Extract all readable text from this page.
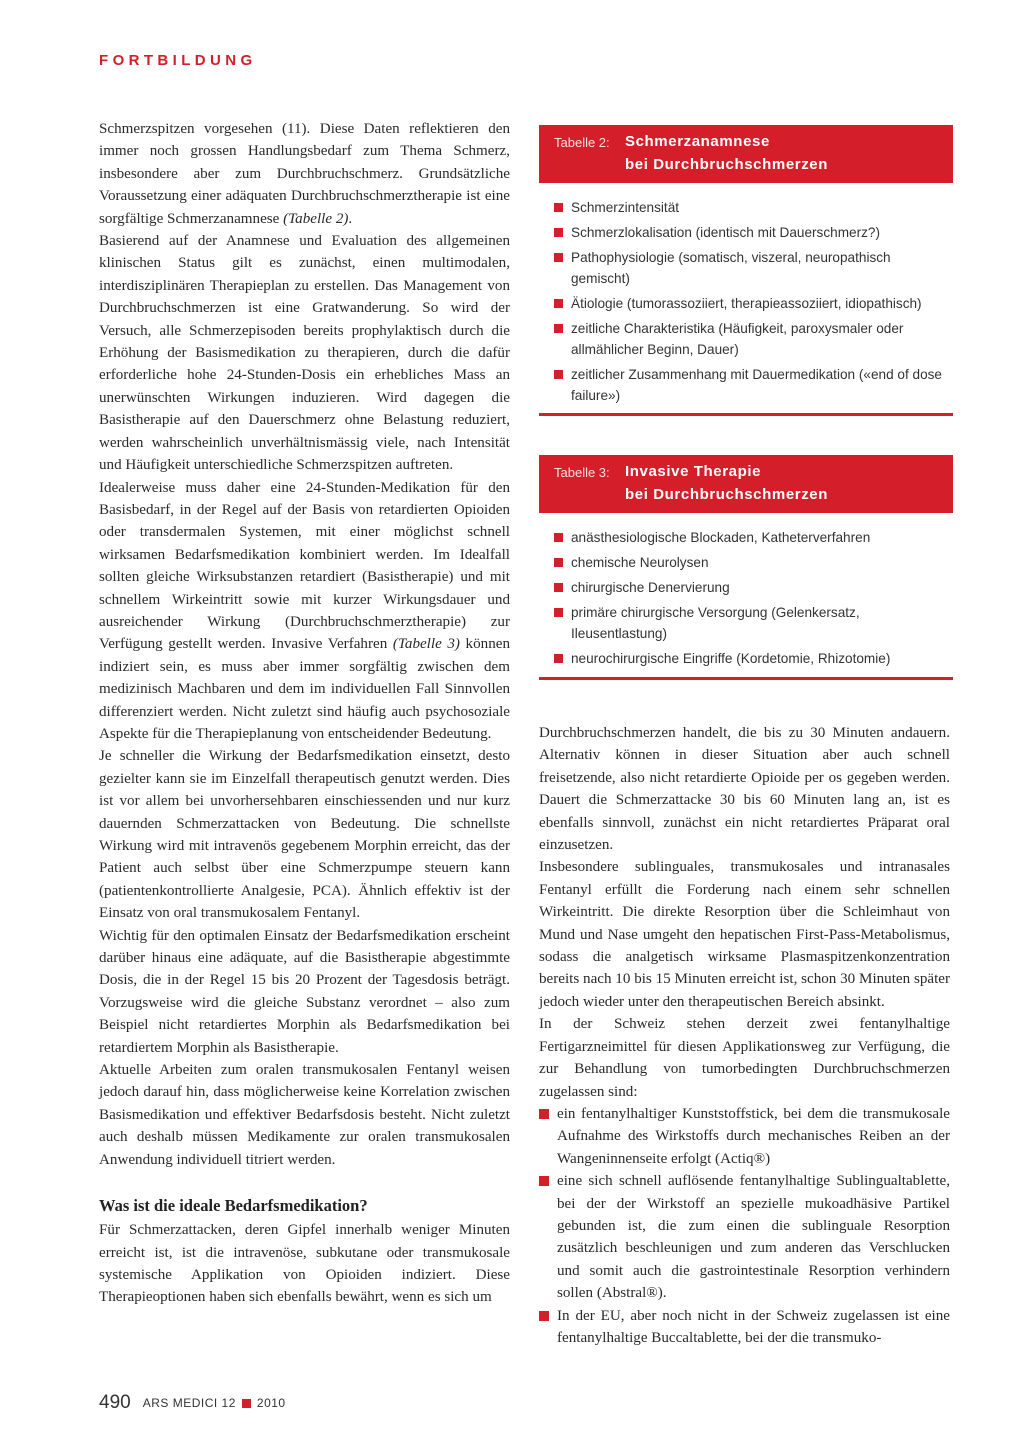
FORTBILDUNG

Schmerzspitzen vorgesehen (11). Diese Daten reflektieren den immer noch grossen Handlungsbedarf zum Thema Schmerz, insbesondere aber zum Durchbruchschmerz. Grundsätzliche Voraussetzung einer adäquaten Durchbruchschmerztherapie ist eine sorgfältige Schmerzanamnese (Tabelle 2).

Basierend auf der Anamnese und Evaluation des allgemeinen klinischen Status gilt es zunächst, einen multimodalen, interdisziplinären Therapieplan zu erstellen. Das Management von Durchbruchschmerzen ist eine Gratwanderung. So wird der Versuch, alle Schmerzepisoden bereits prophylaktisch durch die Erhöhung der Basismedikation zu therapieren, durch die dafür erforderliche hohe 24-Stunden-Dosis ein erhebliches Mass an unerwünschten Wirkungen induzieren. Wird dagegen die Basistherapie auf den Dauerschmerz ohne Belastung reduziert, werden wahrscheinlich unverhältnismässig viele, nach Intensität und Häufigkeit unterschiedliche Schmerzspitzen auftreten.

Idealerweise muss daher eine 24-Stunden-Medikation für den Basisbedarf, in der Regel auf der Basis von retardierten Opioiden oder transdermalen Systemen, mit einer möglichst schnell wirksamen Bedarfsmedikation kombiniert werden. Im Idealfall sollten gleiche Wirksubstanzen retardiert (Basistherapie) und mit schnellem Wirkeintritt sowie mit kurzer Wirkungsdauer und ausreichender Wirkung (Durchbruchschmerztherapie) zur Verfügung gestellt werden. Invasive Verfahren (Tabelle 3) können indiziert sein, es muss aber immer sorgfältig zwischen dem medizinisch Machbaren und dem im individuellen Fall Sinnvollen differenziert werden. Nicht zuletzt sind häufig auch psychosoziale Aspekte für die Therapieplanung von entscheidender Bedeutung.

Je schneller die Wirkung der Bedarfsmedikation einsetzt, desto gezielter kann sie im Einzelfall therapeutisch genutzt werden. Dies ist vor allem bei unvorhersehbaren einschiessenden und nur kurz dauernden Schmerzattacken von Bedeutung. Die schnellste Wirkung wird mit intravenös gegebenem Morphin erreicht, das der Patient auch selbst über eine Schmerzpumpe steuern kann (patientenkontrollierte Analgesie, PCA). Ähnlich effektiv ist der Einsatz von oral transmukosalem Fentanyl.

Wichtig für den optimalen Einsatz der Bedarfsmedikation erscheint darüber hinaus eine adäquate, auf die Basistherapie abgestimmte Dosis, die in der Regel 15 bis 20 Prozent der Tagesdosis beträgt. Vorzugsweise wird die gleiche Substanz verordnet – also zum Beispiel nicht retardiertes Morphin als Bedarfsmedikation bei retardiertem Morphin als Basistherapie.

Aktuelle Arbeiten zum oralen transmukosalen Fentanyl weisen jedoch darauf hin, dass möglicherweise keine Korrelation zwischen Basismedikation und effektiver Bedarfsdosis besteht. Nicht zuletzt auch deshalb müssen Medikamente zur oralen transmukosalen Anwendung individuell titriert werden.

Was ist die ideale Bedarfsmedikation?

Für Schmerzattacken, deren Gipfel innerhalb weniger Minuten erreicht ist, ist die intravenöse, subkutane oder transmukosale systemische Applikation von Opioiden indiziert. Diese Therapieoptionen haben sich ebenfalls bewährt, wenn es sich um

Tabelle 2: Schmerzanamnese
bei Durchbruchschmerzen
Schmerzintensität
Schmerzlokalisation (identisch mit Dauerschmerz?)
Pathophysiologie (somatisch, viszeral, neuropathisch gemischt)
Ätiologie (tumorassoziiert, therapieassoziiert, idiopathisch)
zeitliche Charakteristika (Häufigkeit, paroxysmaler oder allmählicher Beginn, Dauer)
zeitlicher Zusammenhang mit Dauermedikation («end of dose failure»)
Tabelle 3: Invasive Therapie
bei Durchbruchschmerzen
anästhesiologische Blockaden, Katheterverfahren
chemische Neurolysen
chirurgische Denervierung
primäre chirurgische Versorgung (Gelenkersatz, Ileusentlastung)
neurochirurgische Eingriffe (Kordetomie, Rhizotomie)

Durchbruchschmerzen handelt, die bis zu 30 Minuten andauern. Alternativ können in dieser Situation aber auch schnell freisetzende, also nicht retardierte Opioide per os gegeben werden. Dauert die Schmerzattacke 30 bis 60 Minuten lang an, ist es ebenfalls sinnvoll, zunächst ein nicht retardiertes Präparat oral einzusetzen.

Insbesondere sublinguales, transmukosales und intranasales Fentanyl erfüllt die Forderung nach einem sehr schnellen Wirkeintritt. Die direkte Resorption über die Schleimhaut von Mund und Nase umgeht den hepatischen First-Pass-Metabolismus, sodass die analgetisch wirksame Plasmaspitzenkonzentration bereits nach 10 bis 15 Minuten erreicht ist, schon 30 Minuten später jedoch wieder unter den therapeutischen Bereich absinkt.

In der Schweiz stehen derzeit zwei fentanylhaltige Fertigarzneimittel für diesen Applikationsweg zur Verfügung, die zur Behandlung von tumorbedingten Durchbruchschmerzen zugelassen sind:

ein fentanylhaltiger Kunststoffstick, bei dem die transmukosale Aufnahme des Wirkstoffs durch mechanisches Reiben an der Wangeninnenseite erfolgt (Actiq®)

eine sich schnell auflösende fentanylhaltige Sublingualtablette, bei der der Wirkstoff an spezielle mukoadhäsive Partikel gebunden ist, die zum einen die sublinguale Resorption zusätzlich beschleunigen und zum anderen das Verschlucken und somit auch die gastrointestinale Resorption verhindern sollen (Abstral®).

In der EU, aber noch nicht in der Schweiz zugelassen ist eine fentanylhaltige Buccaltablette, bei der die transmuko-

490 ARS MEDICI 12 2010
